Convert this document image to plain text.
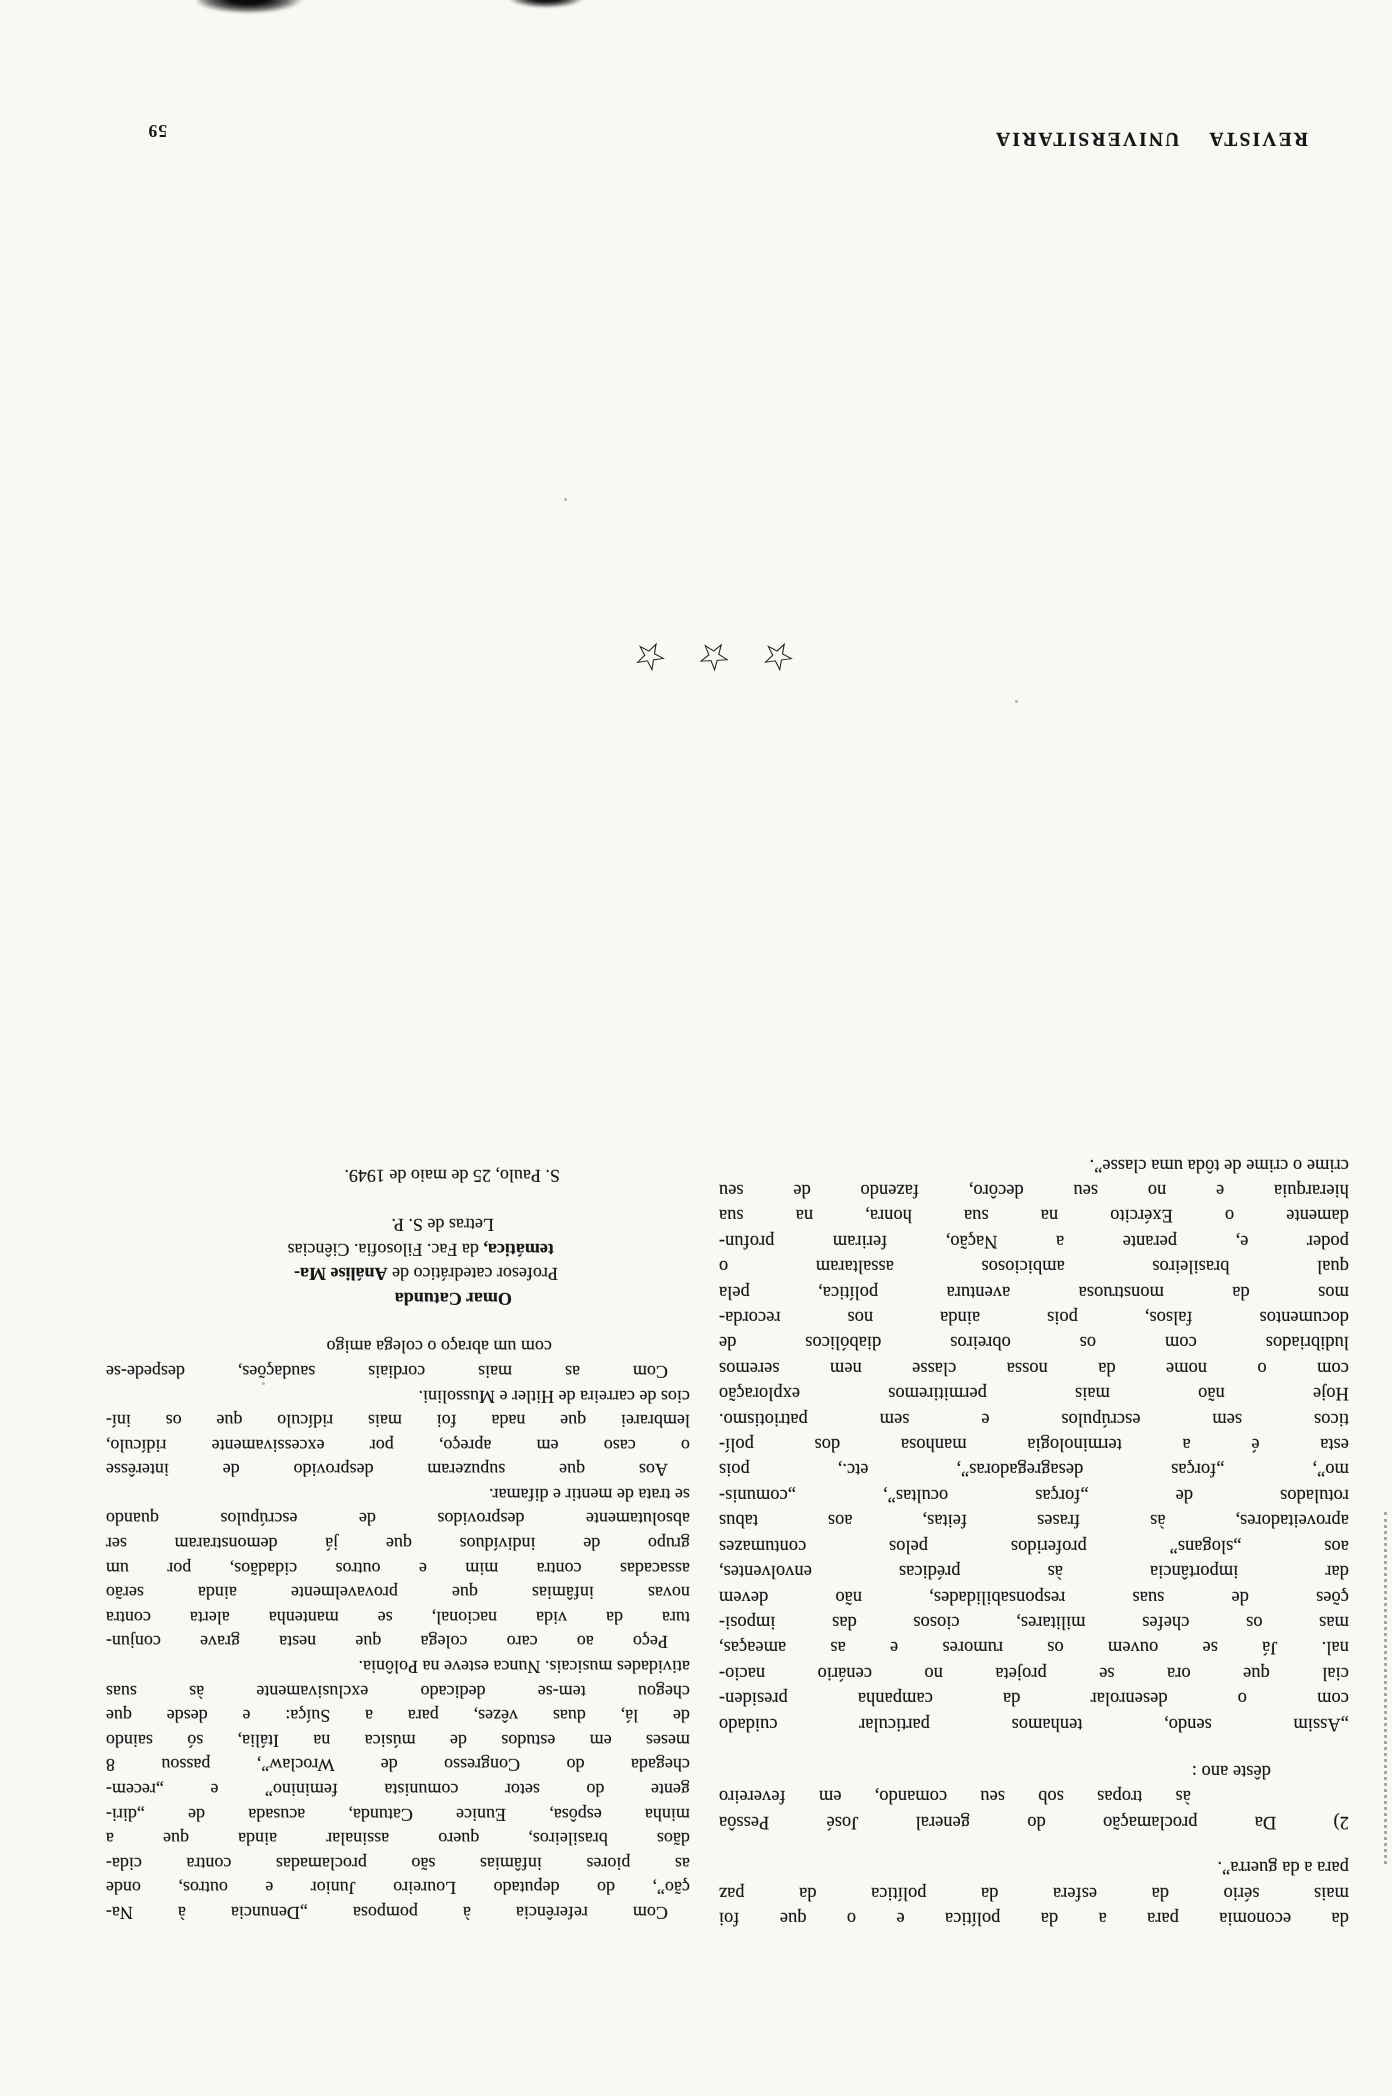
da economia para a da política e o que foi
mais sério da esfera da política da paz
para a da guerra”.
2) Da proclamação do general José Pessôa
às tropas sob seu comando, em fevereiro
dêste ano :
„Assim sendo, tenhamos particular cuidado
com o desenrolar da campanha presiden-
cial que ora se projeta no cenário nacio-
nal. Já se ouvem os rumores e as ameaças,
mas os chefes militares, ciosos das imposi-
ções de suas responsabilidades, não devem
dar importância às prédicas envolventes,
aos „slogans” proferidos pelos contumazes
aproveitadores, às frases feitas, aos tabus
rotulados de „forças ocultas”, „comunis-
mo”, „forças desagregadoras”, etc., pois
esta é a terminologia manhosa dos polí-
ticos sem escrúpulos e sem patriotismo.
Hoje não mais permitiremos exploração
com o nome da nossa classe nem seremos
ludibriados com os obreiros diabólicos de
documentos falsos, pois ainda nos recorda-
mos da monstruosa aventura política, pela
qual brasileiros ambiciosos assaltaram o
poder e, perante a Nação, feriram profun-
damente o Exército na sua honra, na sua
hierarquia e no seu decôro, fazendo de seu
crime o crime de tôda uma classe”.
Com referência à pomposa „Denuncia à Na-
ção”, do deputado Loureiro Junior e outros, onde
as piores infâmias são proclamadas contra cida-
dãos brasileiros, quero assinalar ainda que a
minha espôsa, Eunice Catunda, acusada de „diri-
gente do setor comunista feminino” e „recem-
chegada do Congresso de Wroclaw”, passou 8
meses em estudos de música na Itália, só saindo
de lá, duas vêzes, para a Suíça: e desde que
chegou tem-se dedicado exclusivamente às suas
atividades musicais. Nunca esteve na Polônia.
Peço ao caro colega que nesta grave conjun-
tura da vida nacional, se mantenha alerta contra
novas infâmias que provavelmente ainda serão
assacadas contra mim e outros cidadãos, por um
grupo de indivíduos que já demonstraram ser
absolutamente desprovidos de escrúpulos quando
se trata de mentir e difamar.
Aos que supuzeram desprovido de interêsse
o caso em apreço, por excessivamente ridículo,
lembrarei que nada foi mais ridículo que os iní-
cios de carreira de Hitler e Mussolini.
Com as mais cordiais saudações, despede-se
com um abraço o colega amigo
Omar Catunda
Profesor catedrático de Análise Ma-
temática, da Fac. Filosofia. Ciências
Letras de S. P.
S. Paulo, 25 de maio de 1949.
☆
☆
☆
REVISTA UNIVERSITARIA
59
